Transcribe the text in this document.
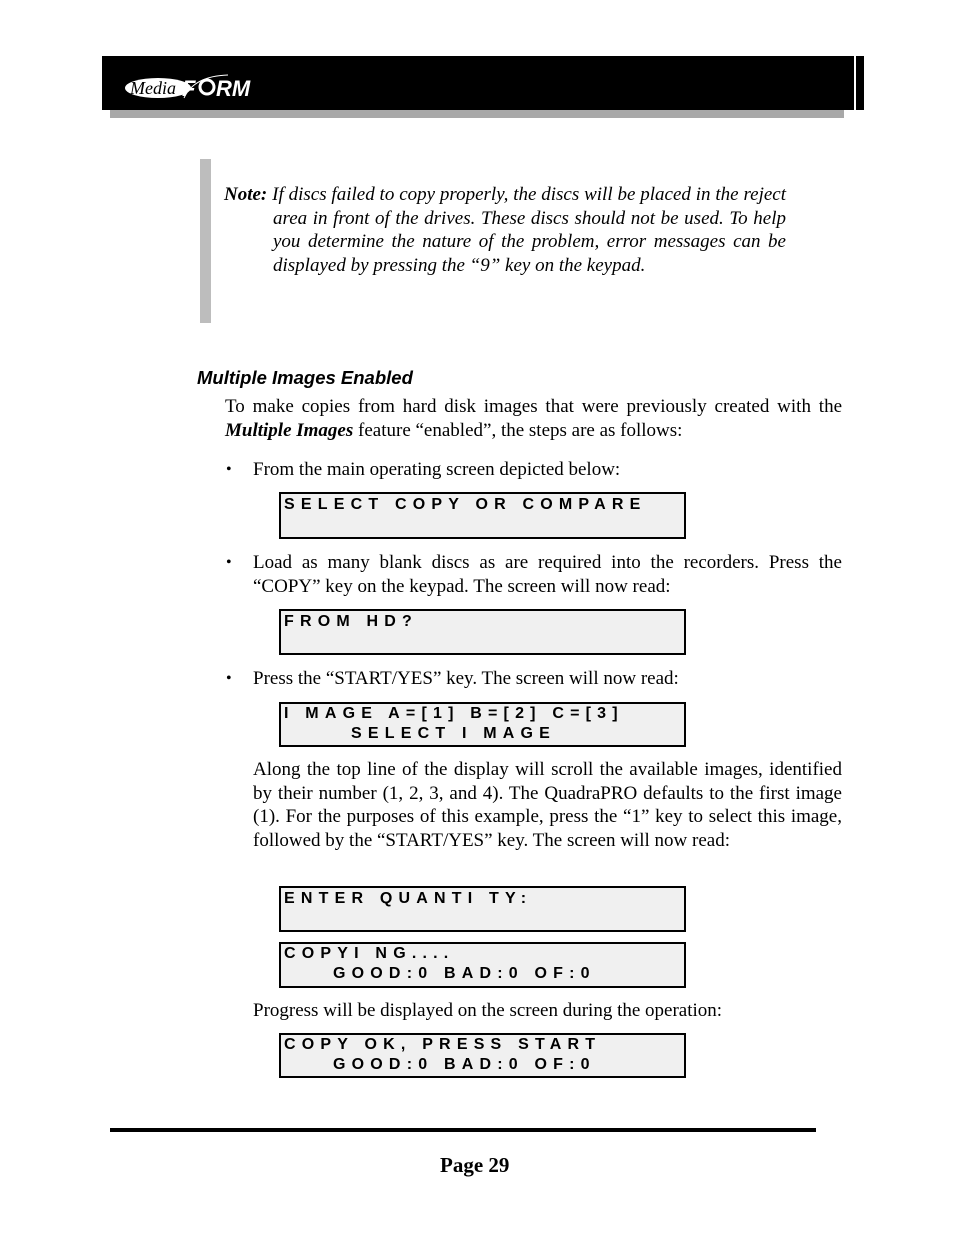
Media F RM	DVD-QuadraPRO LX Operator’s Guide	Document Revision: 070102
Note: If discs failed to copy properly, the discs will be placed in the reject area in front of the drives. These discs should not be used. To help you determine the nature of the problem, error messages can be displayed by pressing the “9” key on the keypad.
Multiple Images Enabled
To make copies from hard disk images that were previously created with the Multiple Images feature “enabled”, the steps are as follows:
• From the main operating screen depicted below:
SELECT COPY OR COMPARE
• Load as many blank discs as are required into the recorders. Press the “COPY” key on the keypad. The screen will now read:
FROM HD?
• Press the “START/YES” key. The screen will now read:
I MAGE A=[1] B=[2] C=[3]
SELECT I MAGE
Along the top line of the display will scroll the available images, identified by their number (1, 2, 3, and 4). The QuadraPRO defaults to the first image (1). For the purposes of this example, press the “1” key to select this image, followed by the “START/YES” key. The screen will now read:
ENTER QUANTI TY:
COPYI NG....
GOOD:0 BAD:0 OF:0
Progress will be displayed on the screen during the operation:
COPY OK, PRESS START
GOOD:0 BAD:0 OF:0
Page 29
